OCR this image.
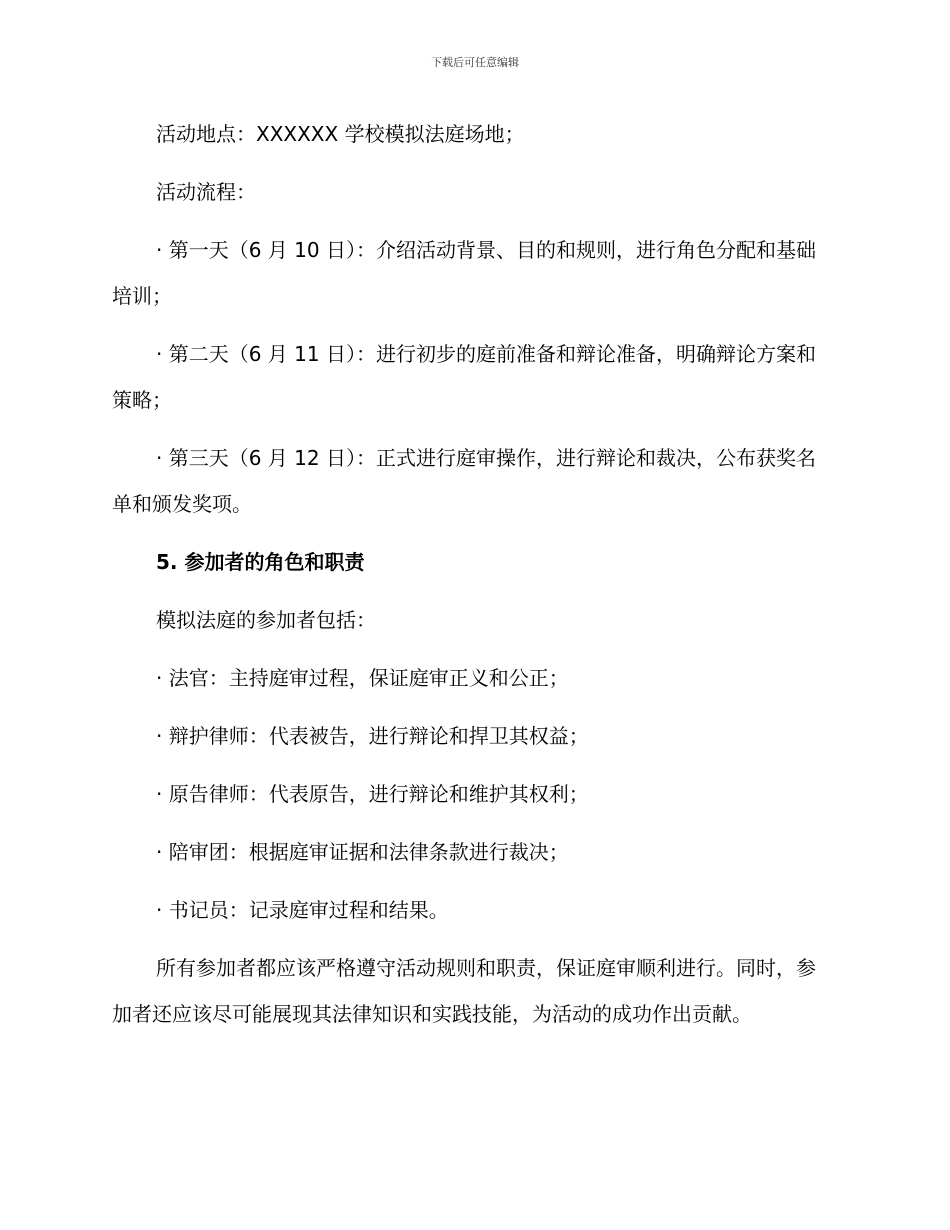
下载后可任意编辑

活动地点：XXXXXX 学校模拟法庭场地；

活动流程：

· 第一天（6 月 10 日）：介绍活动背景、目的和规则，进行角色分配和基础培训；

· 第二天（6 月 11 日）：进行初步的庭前准备和辩论准备，明确辩论方案和策略；

· 第三天（6 月 12 日）：正式进行庭审操作，进行辩论和裁决，公布获奖名单和颁发奖项。

5. 参加者的角色和职责

模拟法庭的参加者包括：

· 法官：主持庭审过程，保证庭审正义和公正；

· 辩护律师：代表被告，进行辩论和捍卫其权益；

· 原告律师：代表原告，进行辩论和维护其权利；

· 陪审团：根据庭审证据和法律条款进行裁决；

· 书记员：记录庭审过程和结果。

所有参加者都应该严格遵守活动规则和职责，保证庭审顺利进行。同时，参加者还应该尽可能展现其法律知识和实践技能，为活动的成功作出贡献。
